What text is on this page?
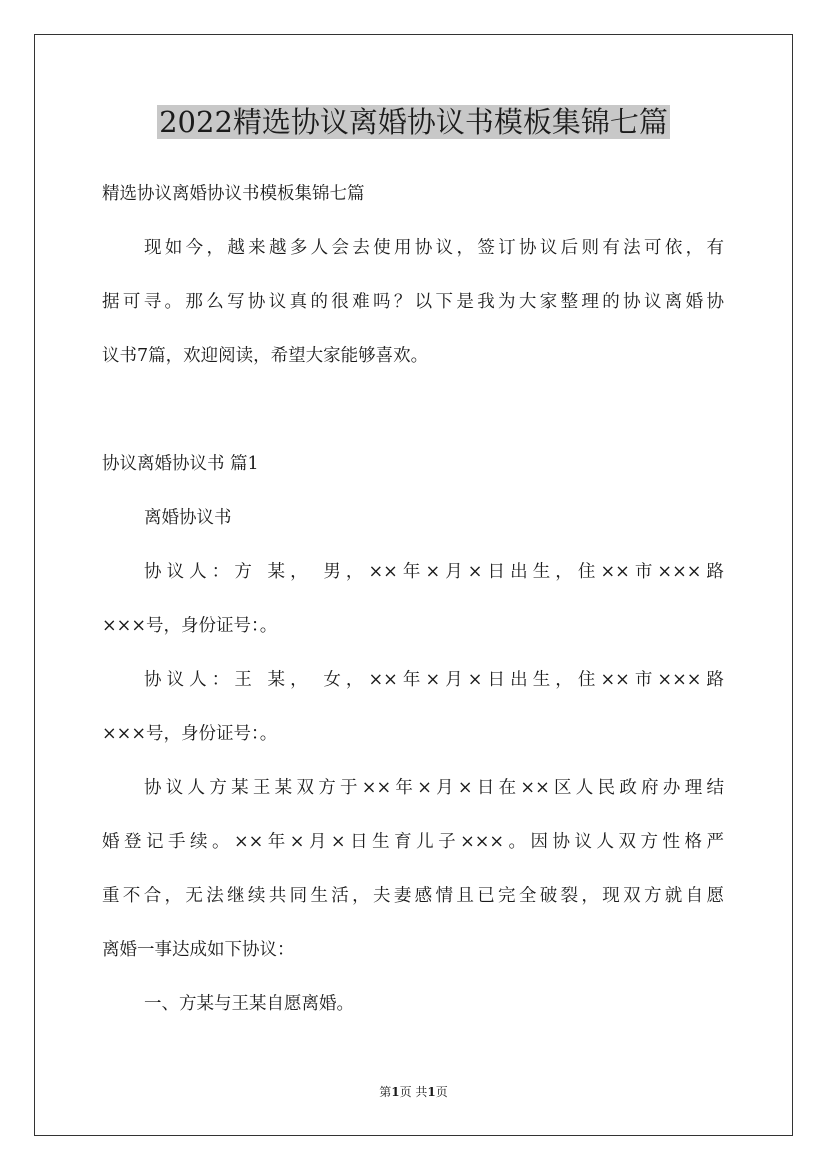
2022精选协议离婚协议书模板集锦七篇
精选协议离婚协议书模板集锦七篇
现如今，越来越多人会去使用协议，签订协议后则有法可依，有
据可寻。那么写协议真的很难吗？以下是我为大家整理的协议离婚协
议书7篇，欢迎阅读，希望大家能够喜欢。
协议离婚协议书 篇1
离婚协议书
协议人：方 某， 男，××年×月×日出生，住××市×××路
×××号，身份证号：。
协议人：王 某， 女，××年×月×日出生，住××市×××路
×××号，身份证号：。
协议人方某王某双方于××年×月×日在××区人民政府办理结
婚登记手续。××年×月×日生育儿子×××。因协议人双方性格严
重不合，无法继续共同生活，夫妻感情且已完全破裂，现双方就自愿
离婚一事达成如下协议：
一、方某与王某自愿离婚。
第1页 共1页
